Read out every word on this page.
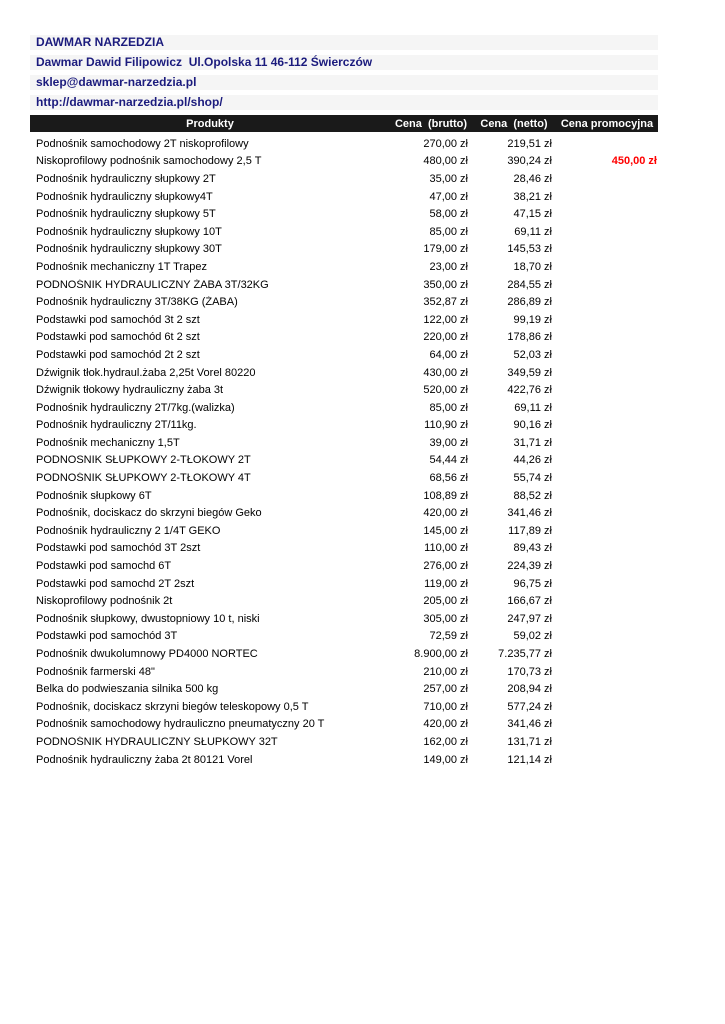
DAWMAR NARZEDZIA
Dawmar Dawid Filipowicz  Ul.Opolska 11 46-112 Świerczów
sklep@dawmar-narzedzia.pl
http://dawmar-narzedzia.pl/shop/
Produkty	Cena  (brutto)	Cena  (netto)	Cena promocyjna
Podnośnik samochodowy 2T niskoprofilowy	270,00 zł	219,51 zł
Niskoprofilowy podnośnik samochodowy 2,5 T	480,00 zł	390,24 zł	450,00 zł
Podnośnik hydrauliczny słupkowy 2T	35,00 zł	28,46 zł
Podnośnik hydrauliczny słupkowy4T	47,00 zł	38,21 zł
Podnośnik hydrauliczny słupkowy 5T	58,00 zł	47,15 zł
Podnośnik hydrauliczny słupkowy 10T	85,00 zł	69,11 zł
Podnośnik hydrauliczny słupkowy 30T	179,00 zł	145,53 zł
Podnośnik mechaniczny 1T Trapez	23,00 zł	18,70 zł
PODNOŚNIK HYDRAULICZNY ŻABA 3T/32KG	350,00 zł	284,55 zł
Podnośnik hydrauliczny 3T/38KG (ŻABA)	352,87 zł	286,89 zł
Podstawki pod samochód 3t 2 szt	122,00 zł	99,19 zł
Podstawki pod samochód 6t 2 szt	220,00 zł	178,86 zł
Podstawki pod samochód 2t 2 szt	64,00 zł	52,03 zł
Dźwignik tłok.hydraul.żaba 2,25t Vorel 80220	430,00 zł	349,59 zł
Dźwignik tłokowy hydrauliczny żaba 3t	520,00 zł	422,76 zł
Podnośnik hydrauliczny 2T/7kg.(walizka)	85,00 zł	69,11 zł
Podnośnik hydrauliczny 2T/11kg.	110,90 zł	90,16 zł
Podnośnik mechaniczny 1,5T	39,00 zł	31,71 zł
PODNOSNIK SŁUPKOWY 2-TŁOKOWY 2T	54,44 zł	44,26 zł
PODNOŚNIK SŁUPKOWY 2-TŁOKOWY 4T	68,56 zł	55,74 zł
Podnośnik słupkowy 6T	108,89 zł	88,52 zł
Podnośnik, dociskacz do skrzyni biegów Geko	420,00 zł	341,46 zł
Podnośnik hydrauliczny 2 1/4T GEKO	145,00 zł	117,89 zł
Podstawki pod samochód 3T 2szt	110,00 zł	89,43 zł
Podstawki pod samochd 6T	276,00 zł	224,39 zł
Podstawki pod samochd 2T 2szt	119,00 zł	96,75 zł
Niskoprofilowy podnośnik 2t	205,00 zł	166,67 zł
Podnośnik słupkowy, dwustopniowy 10 t, niski	305,00 zł	247,97 zł
Podstawki pod samochód 3T	72,59 zł	59,02 zł
Podnośnik dwukolumnowy PD4000 NORTEC	8.900,00 zł	7.235,77 zł
Podnośnik farmerski 48"	210,00 zł	170,73 zł
Belka do podwieszania silnika 500 kg	257,00 zł	208,94 zł
Podnośnik, dociskacz skrzyni biegów teleskopowy 0,5 T	710,00 zł	577,24 zł
Podnośnik samochodowy hydrauliczno pneumatyczny 20 T	420,00 zł	341,46 zł
PODNOŚNIK HYDRAULICZNY SŁUPKOWY 32T	162,00 zł	131,71 zł
Podnośnik hydrauliczny żaba 2t 80121 Vorel	149,00 zł	121,14 zł
